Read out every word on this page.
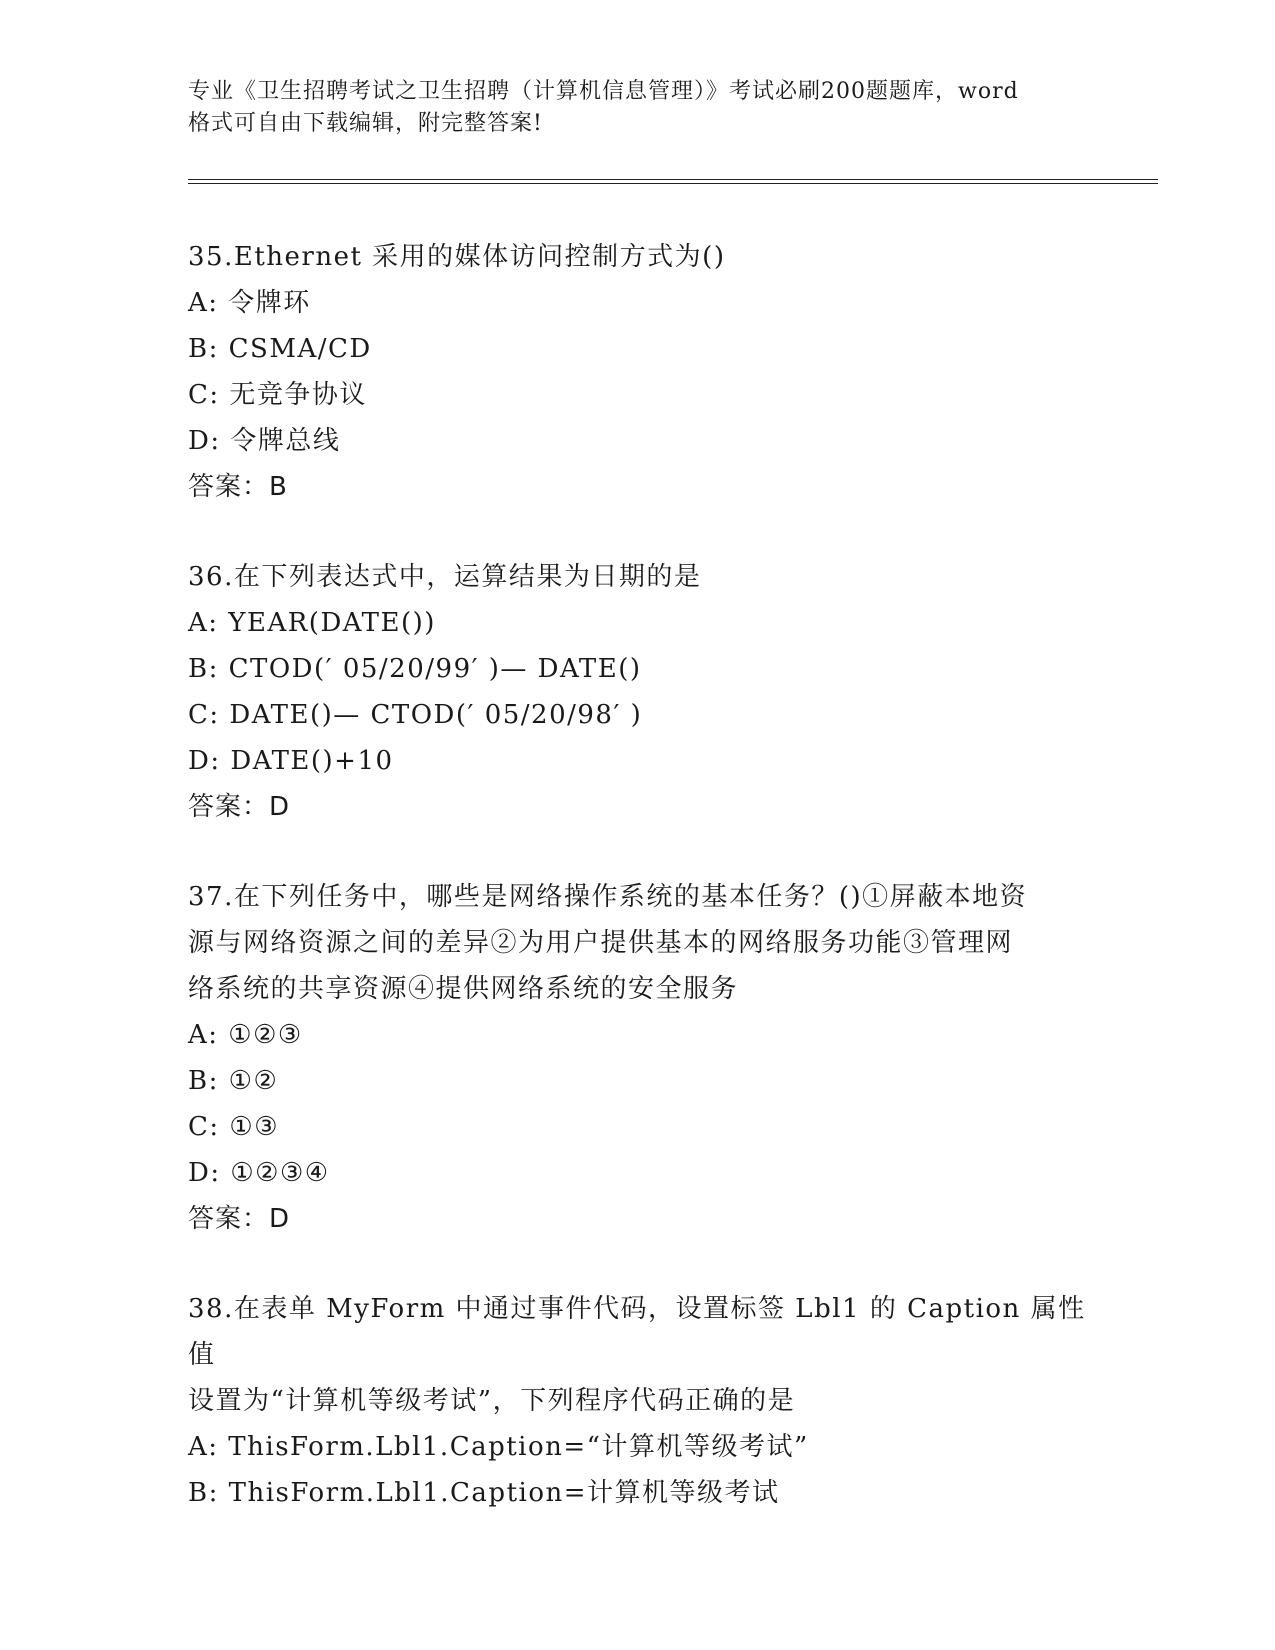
专业《卫生招聘考试之卫生招聘（计算机信息管理）》考试必刷200题题库，word
格式可自由下载编辑，附完整答案!

35.Ethernet 采用的媒体访问控制方式为()

A: 令牌环

B: CSMA/CD

C: 无竞争协议

D: 令牌总线

答案：B

36.在下列表达式中，运算结果为日期的是

A: YEAR(DATE())

B: CTOD(′ 05/20/99′ )— DATE()

C: DATE()— CTOD(′ 05/20/98′ )

D: DATE()+10

答案：D

37.在下列任务中，哪些是网络操作系统的基本任务？()①屏蔽本地资

源与网络资源之间的差异②为用户提供基本的网络服务功能③管理网

络系统的共享资源④提供网络系统的安全服务

A: ①②③

B: ①②

C: ①③

D: ①②③④

答案：D

38.在表单 MyForm 中通过事件代码，设置标签 Lbl1 的 Caption 属性值

设置为“计算机等级考试”，下列程序代码正确的是

A: ThisForm.Lbl1.Caption=“计算机等级考试”

B: ThisForm.Lbl1.Caption=计算机等级考试
